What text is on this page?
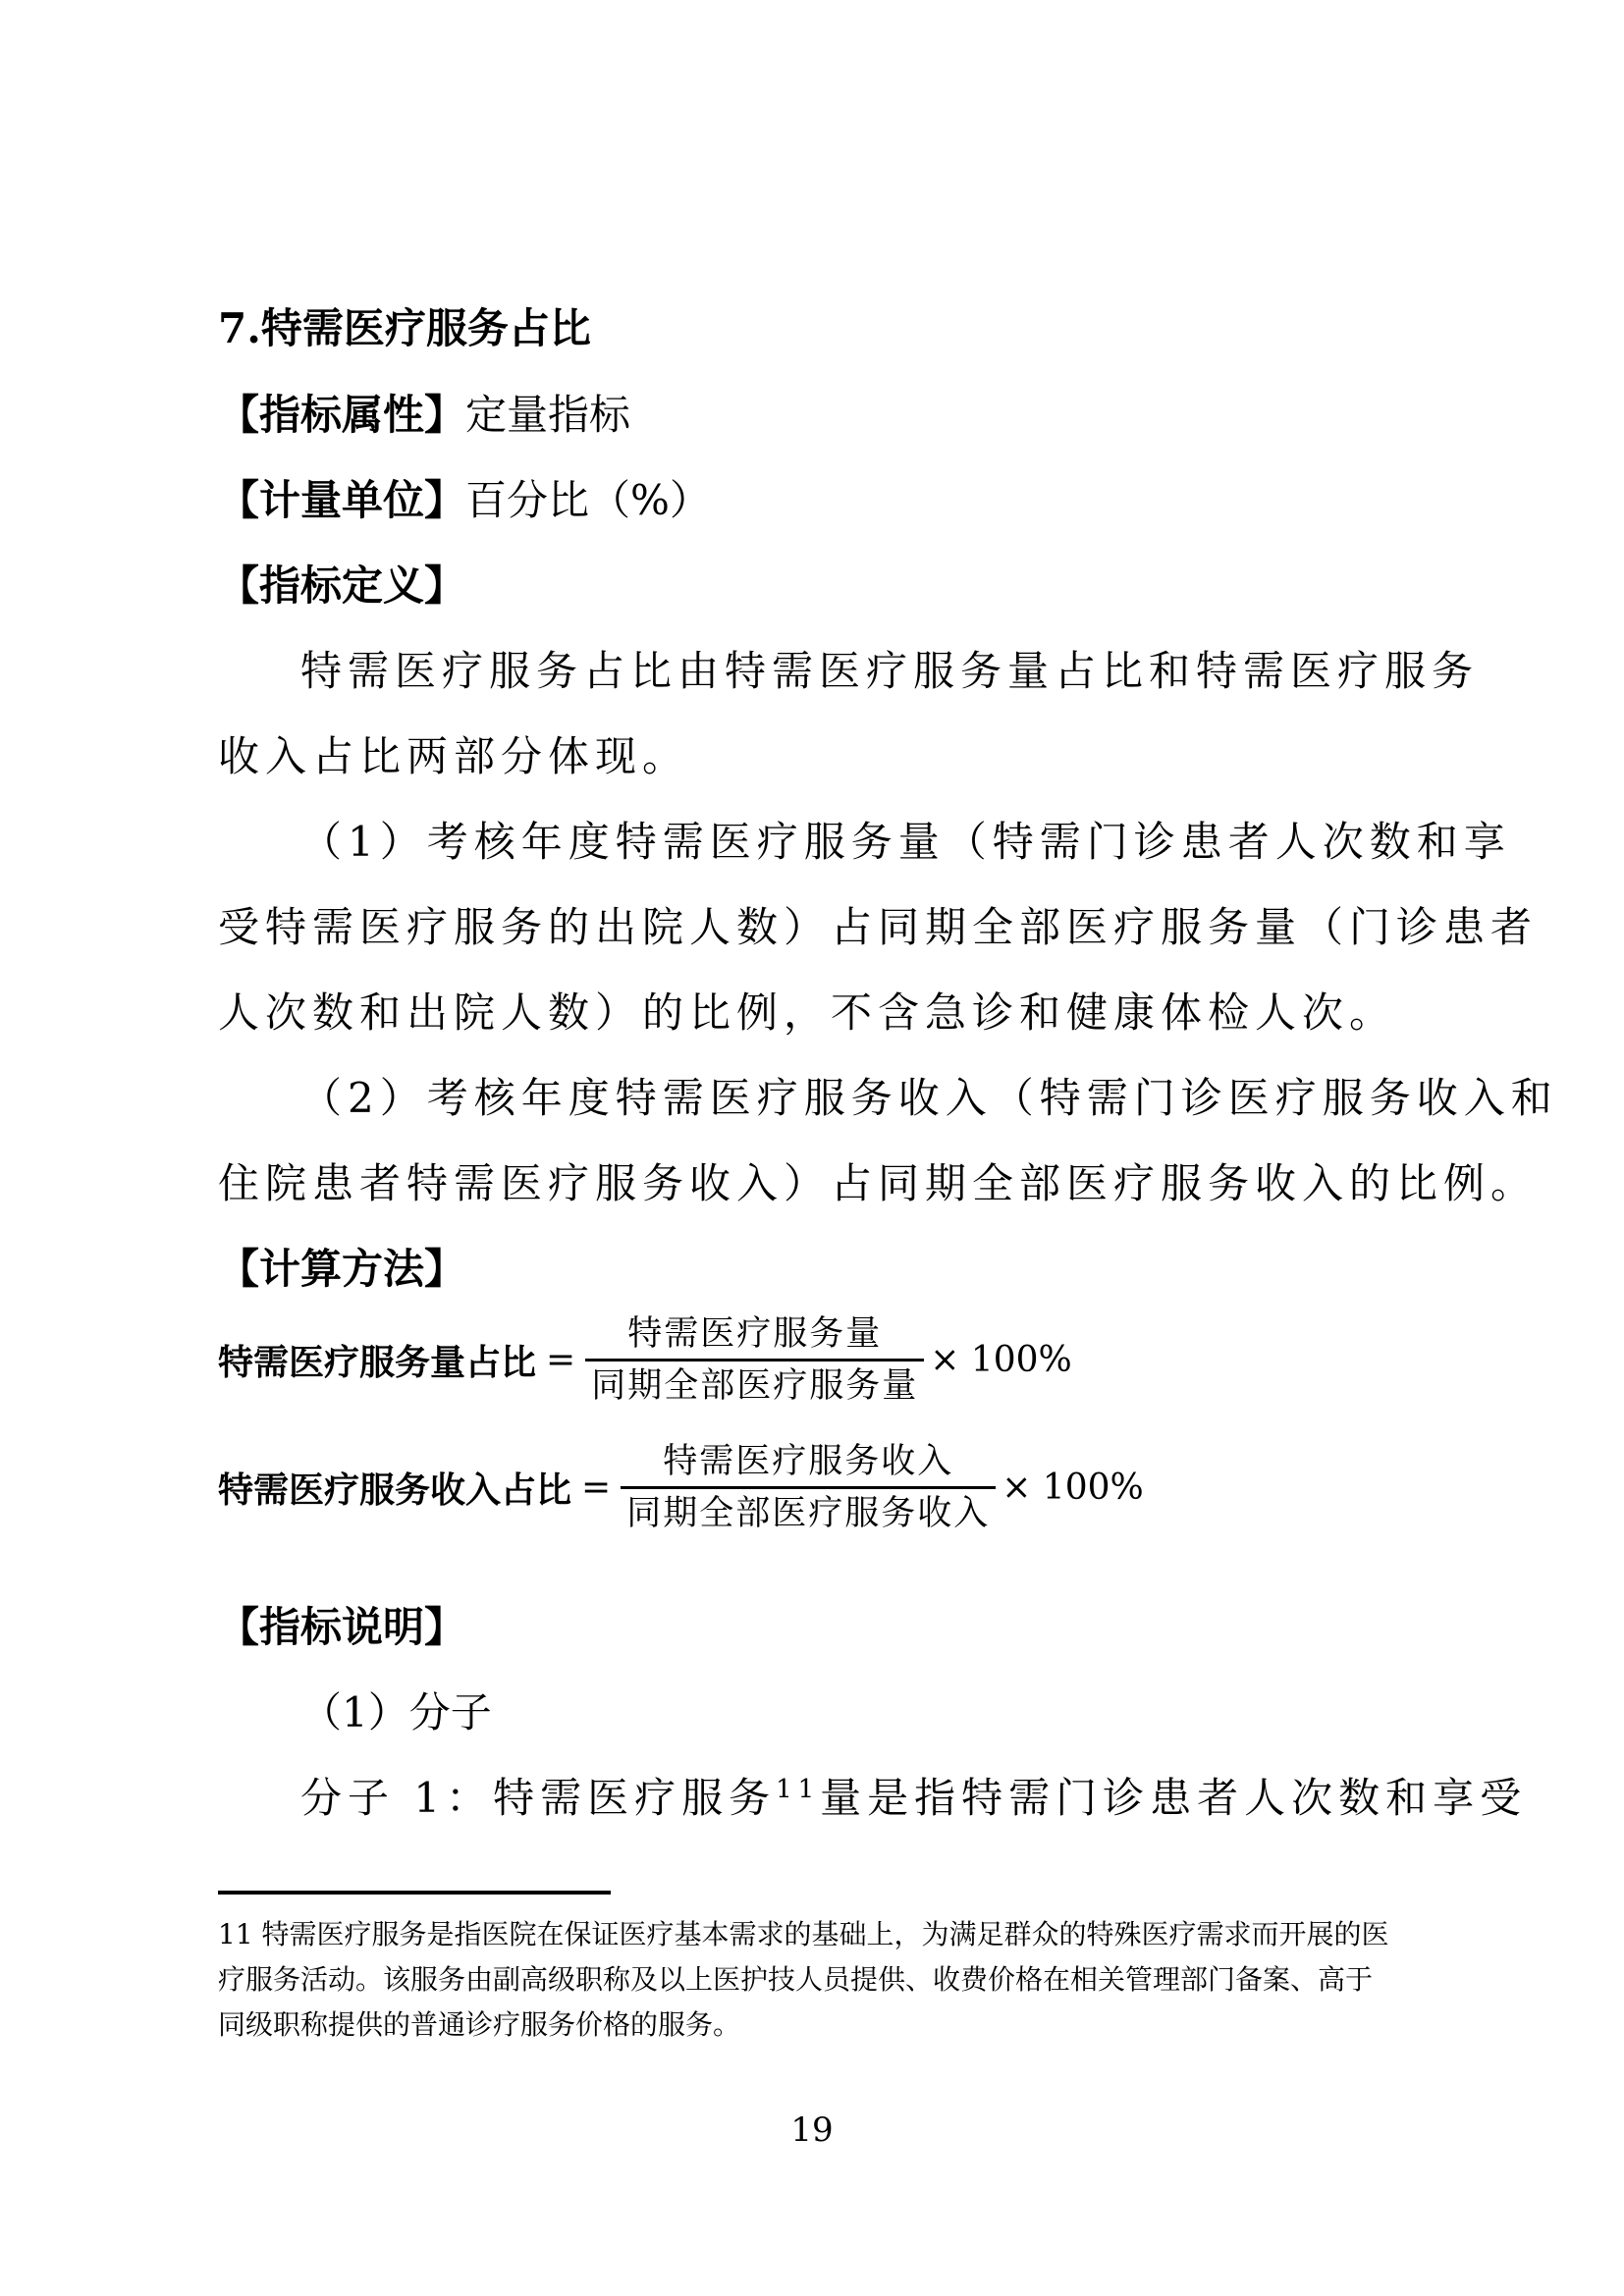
7.特需医疗服务占比
【指标属性】定量指标
【计量单位】百分比（%）
【指标定义】
特需医疗服务占比由特需医疗服务量占比和特需医疗服务
收入占比两部分体现。
（1）考核年度特需医疗服务量（特需门诊患者人次数和享
受特需医疗服务的出院人数）占同期全部医疗服务量（门诊患者
人次数和出院人数）的比例，不含急诊和健康体检人次。
（2）考核年度特需医疗服务收入（特需门诊医疗服务收入和
住院患者特需医疗服务收入）占同期全部医疗服务收入的比例。
【计算方法】
特需医疗服务量占比 = $\frac{\text{特需医疗服务量}}{\text{同期全部医疗服务量}} \times 100\%$
特需医疗服务收入占比 = $\frac{\text{特需医疗服务收入}}{\text{同期全部医疗服务收入}} \times 100\%$
【指标说明】
（1）分子
分子 1：特需医疗服务$^{11}$量是指特需门诊患者人次数和享受
11 特需医疗服务是指医院在保证医疗基本需求的基础上，为满足群众的特殊医疗需求而开展的医
疗服务活动。该服务由副高级职称及以上医护技人员提供、收费价格在相关管理部门备案、高于
同级职称提供的普通诊疗服务价格的服务。
19
